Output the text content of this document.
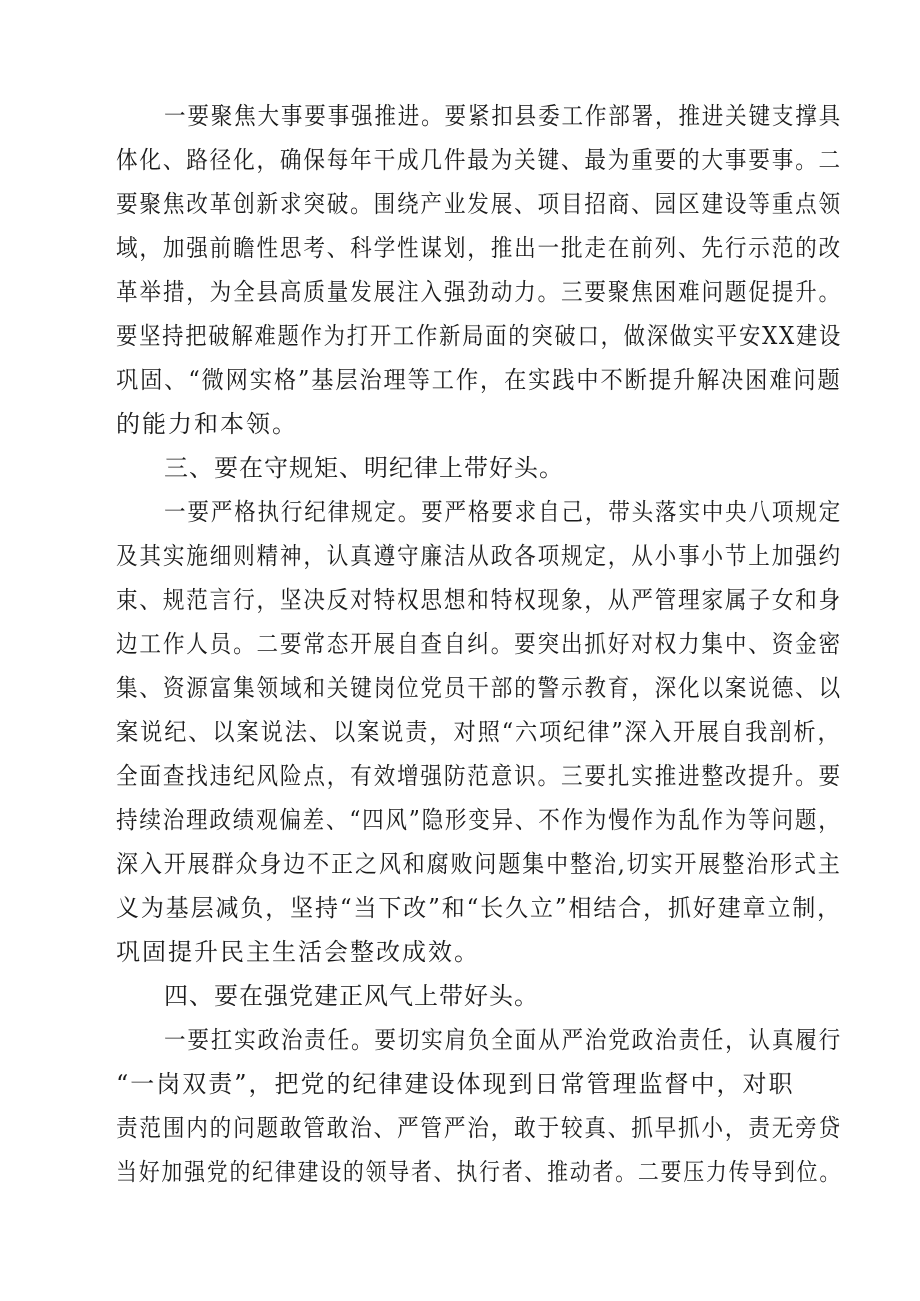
一要聚焦大事要事强推进。要紧扣县委工作部署，推进关键支撑具
体化、路径化，确保每年干成几件最为关键、最为重要的大事要事。二
要聚焦改革创新求突破。围绕产业发展、项目招商、园区建设等重点领
域，加强前瞻性思考、科学性谋划，推出一批走在前列、先行示范的改
革举措，为全县高质量发展注入强劲动力。三要聚焦困难问题促提升。
要坚持把破解难题作为打开工作新局面的突破口，做深做实平安XX建设
巩固、“微网实格”基层治理等工作，在实践中不断提升解决困难问题
的能力和本领。
三、要在守规矩、明纪律上带好头。
一要严格执行纪律规定。要严格要求自己，带头落实中央八项规定
及其实施细则精神，认真遵守廉洁从政各项规定，从小事小节上加强约
束、规范言行，坚决反对特权思想和特权现象，从严管理家属子女和身
边工作人员。二要常态开展自查自纠。要突出抓好对权力集中、资金密
集、资源富集领域和关键岗位党员干部的警示教育，深化以案说德、以
案说纪、以案说法、以案说责，对照“六项纪律”深入开展自我剖析，
全面查找违纪风险点，有效增强防范意识。三要扎实推进整改提升。要
持续治理政绩观偏差、“四风”隐形变异、不作为慢作为乱作为等问题，
深入开展群众身边不正之风和腐败问题集中整治,切实开展整治形式主
义为基层减负，坚持“当下改”和“长久立”相结合，抓好建章立制，
巩固提升民主生活会整改成效。
四、要在强党建正风气上带好头。
一要扛实政治责任。要切实肩负全面从严治党政治责任，认真履行
“一岗双责”，把党的纪律建设体现到日常管理监督中，对职
责范围内的问题敢管敢治、严管严治，敢于较真、抓早抓小，责无旁贷
当好加强党的纪律建设的领导者、执行者、推动者。二要压力传导到位。
